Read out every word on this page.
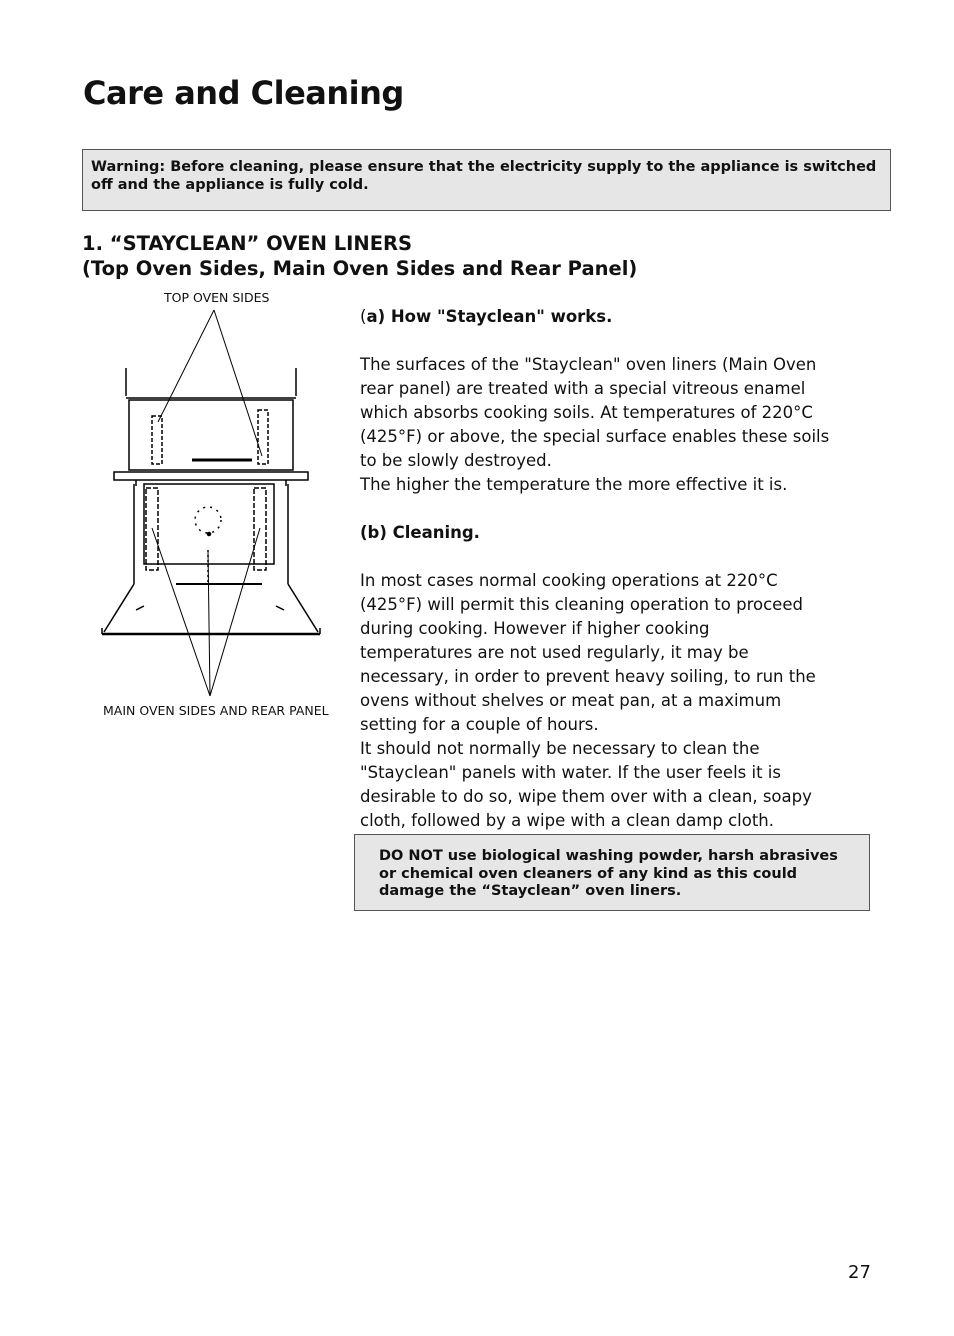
Care and Cleaning
Warning: Before cleaning, please ensure that the electricity supply to the appliance is switched off and the appliance is fully cold.
1. “STAYCLEAN” OVEN LINERS
(Top Oven Sides, Main Oven Sides and Rear Panel)
TOP OVEN SIDES
MAIN OVEN SIDES AND REAR PANEL

(a) How "Stayclean" works.

The surfaces of the "Stayclean" oven liners (Main Oven rear panel) are treated with a special vitreous enamel which absorbs cooking soils. At temperatures of 220°C (425°F) or above, the special surface enables these soils to be slowly destroyed.

The higher the temperature the more effective it is.

(b) Cleaning.

In most cases normal cooking operations at 220°C (425°F) will permit this cleaning operation to proceed during cooking. However if higher cooking temperatures are not used regularly, it may be necessary, in order to prevent heavy soiling, to run the ovens without shelves or meat pan, at a maximum setting for a couple of hours.

It should not normally be necessary to clean the "Stayclean" panels with water. If the user feels it is desirable to do so, wipe them over with a clean, soapy cloth, followed by a wipe with a clean damp cloth.

DO NOT use biological washing powder, harsh abrasives or chemical oven cleaners of any kind as this could damage the “Stayclean” oven liners.
27
